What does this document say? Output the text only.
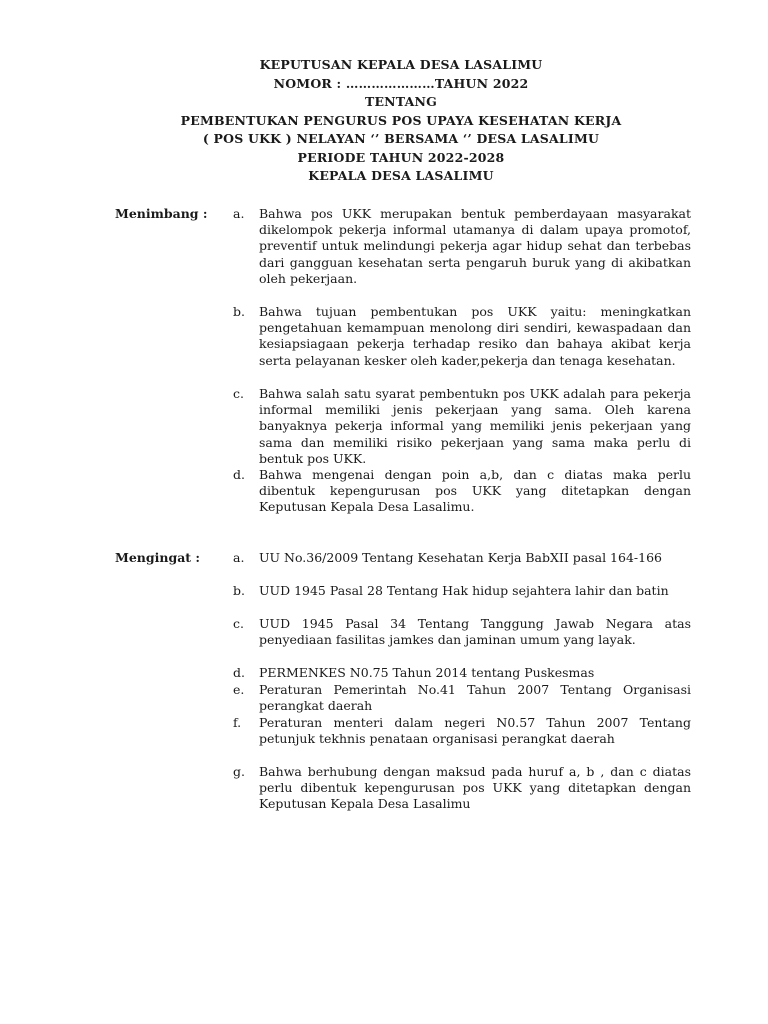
KEPUTUSAN KEPALA DESA LASALIMU
NOMOR : …………………TAHUN 2022
TENTANG
PEMBENTUKAN PENGURUS POS UPAYA KESEHATAN KERJA
( POS UKK ) NELAYAN ‘’ BERSAMA ‘’ DESA LASALIMU
PERIODE TAHUN 2022-2028
KEPALA DESA LASALIMU
Menimbang : a.	Bahwa pos UKK merupakan bentuk pemberdayaan masyarakat dikelompok pekerja informal utamanya di dalam upaya promotof, preventif untuk melindungi pekerja agar hidup sehat dan terbebas dari gangguan kesehatan serta pengaruh buruk yang di akibatkan oleh pekerjaan.
b.	Bahwa tujuan pembentukan pos UKK yaitu: meningkatkan pengetahuan kemampuan menolong diri sendiri, kewaspadaan dan kesiapsiagaan pekerja terhadap resiko dan bahaya akibat kerja serta pelayanan kesker oleh kader,pekerja dan tenaga kesehatan.
c.	Bahwa salah satu syarat pembentukn pos UKK adalah para pekerja informal memiliki jenis pekerjaan yang sama. Oleh karena banyaknya pekerja informal yang memiliki jenis pekerjaan yang sama dan memiliki risiko pekerjaan yang sama maka perlu di bentuk pos UKK.
d.	Bahwa mengenai dengan poin a,b, dan c diatas maka perlu dibentuk kepengurusan pos UKK yang ditetapkan dengan Keputusan Kepala Desa Lasalimu.
Mengingat :	a.	UU No.36/2009 Tentang Kesehatan Kerja BabXII pasal 164-166
b.	UUD 1945 Pasal 28 Tentang Hak hidup sejahtera lahir dan batin
c.	UUD 1945 Pasal 34 Tentang Tanggung Jawab Negara atas penyediaan fasilitas jamkes dan jaminan umum yang layak.
d.	PERMENKES N0.75 Tahun 2014 tentang Puskesmas
e.	Peraturan Pemerintah No.41 Tahun 2007 Tentang Organisasi perangkat daerah
f.	Peraturan menteri dalam negeri N0.57 Tahun 2007 Tentang petunjuk tekhnis penataan organisasi perangkat daerah
g.	Bahwa berhubung dengan maksud pada huruf a, b , dan c diatas perlu dibentuk kepengurusan pos UKK yang ditetapkan dengan Keputusan Kepala Desa Lasalimu
